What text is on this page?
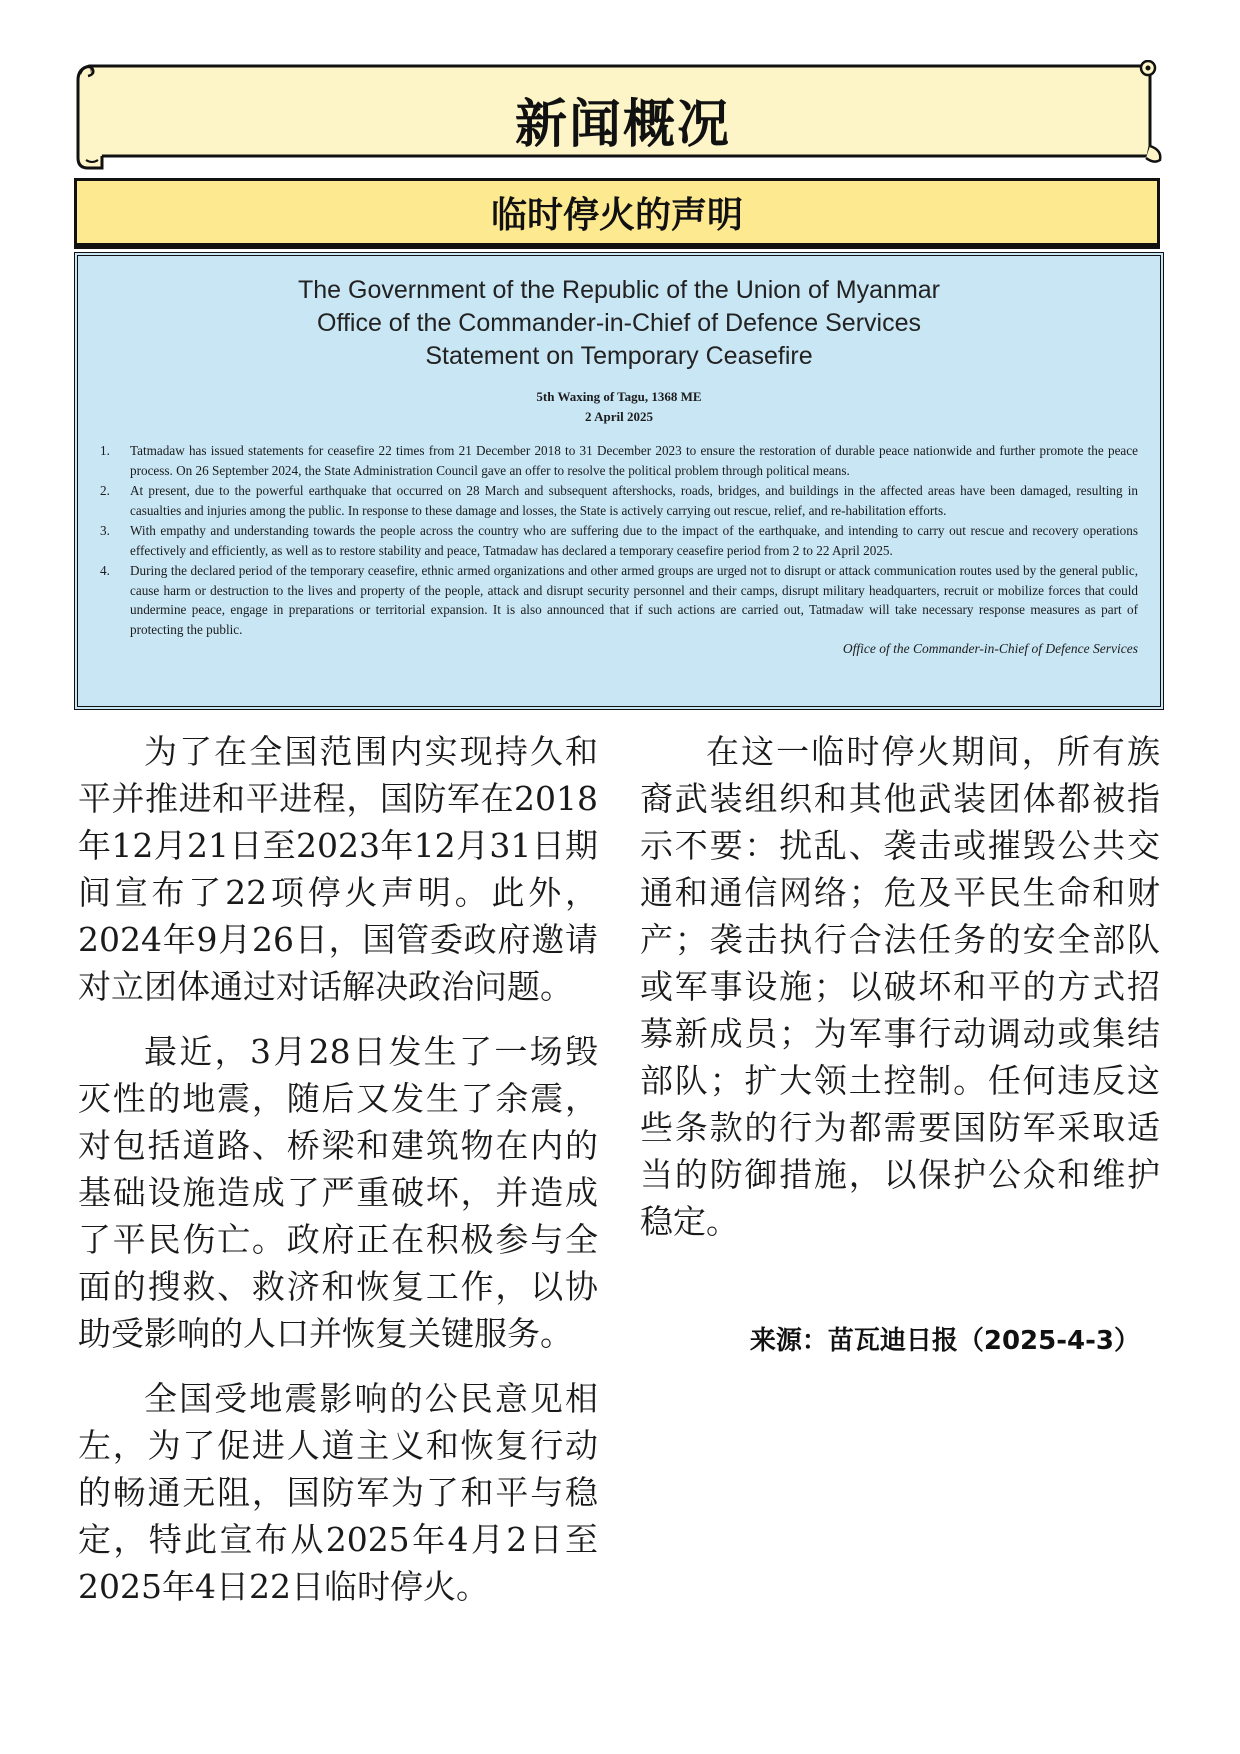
新闻概况
临时停火的声明
The Government of the Republic of the Union of Myanmar
Office of the Commander-in-Chief of Defence Services
Statement on Temporary Ceasefire
5th Waxing of Tagu, 1368 ME
2 April 2025
1.	Tatmadaw has issued statements for ceasefire 22 times from 21 December 2018 to 31 December 2023 to ensure the restoration of durable peace nationwide and further promote the peace process. On 26 September 2024, the State Administration Council gave an offer to resolve the political problem through political means.
2.	At present, due to the powerful earthquake that occurred on 28 March and subsequent aftershocks, roads, bridges, and buildings in the affected areas have been damaged, resulting in casualties and injuries among the public. In response to these damage and losses, the State is actively carrying out rescue, relief, and re-habilitation efforts.
3.	With empathy and understanding towards the people across the country who are suffering due to the impact of the earthquake, and intending to carry out rescue and recovery operations effectively and efficiently, as well as to restore stability and peace, Tatmadaw has declared a temporary ceasefire period from 2 to 22 April 2025.
4.	During the declared period of the temporary ceasefire, ethnic armed organizations and other armed groups are urged not to disrupt or attack communication routes used by the general public, cause harm or destruction to the lives and property of the people, attack and disrupt security personnel and their camps, disrupt military headquarters, recruit or mobilize forces that could undermine peace, engage in preparations or territorial expansion. It is also announced that if such actions are carried out, Tatmadaw will take necessary response measures as part of protecting the public.
Office of the Commander-in-Chief of Defence Services

为了在全国范围内实现持久和平并推进和平进程，国防军在2018年12月21日至2023年12月31日期间宣布了22项停火声明。此外，2024年9月26日，国管委政府邀请对立团体通过对话解决政治问题。

最近，3月28日发生了一场毁灭性的地震，随后又发生了余震，对包括道路、桥梁和建筑物在内的基础设施造成了严重破坏，并造成了平民伤亡。政府正在积极参与全面的搜救、救济和恢复工作，以协助受影响的人口并恢复关键服务。

全国受地震影响的公民意见相左，为了促进人道主义和恢复行动的畅通无阻，国防军为了和平与稳定，特此宣布从2025年4月2日至2025年4日22日临时停火。

在这一临时停火期间，所有族裔武装组织和其他武装团体都被指示不要：扰乱、袭击或摧毁公共交通和通信网络；危及平民生命和财产；袭击执行合法任务的安全部队或军事设施；以破坏和平的方式招募新成员；为军事行动调动或集结部队；扩大领土控制。任何违反这些条款的行为都需要国防军采取适当的防御措施，以保护公众和维护稳定。

来源：苗瓦迪日报（2025-4-3）
